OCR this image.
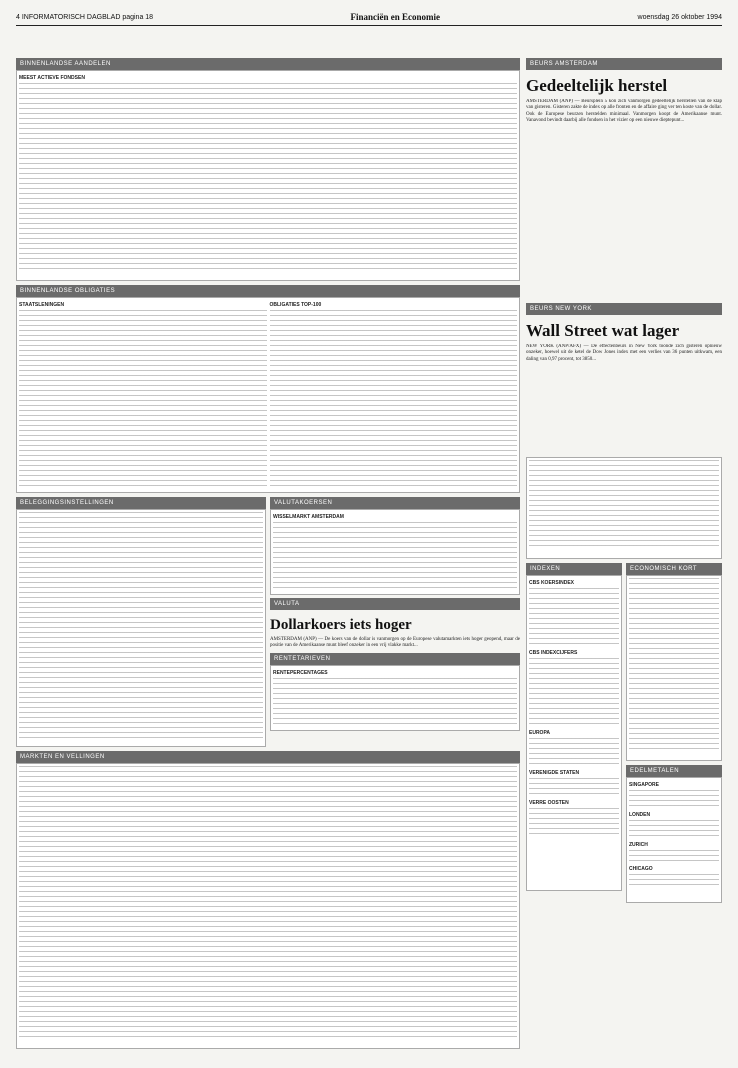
4 INFORMATORISCH DAGBLAD pagina 18	Financiën en Economie	woensdag 26 oktober 1994
BINNENLANDSE AANDELEN
MEEST ACTIEVE FONDSEN
BINNENLANDSE OBLIGATIES
STAATSLENINGEN	OBLIGATIES TOP-100
BELEGGINGSINSTELLINGEN	VALUTAKOERSEN
WISSELMARKT AMSTERDAM
VALUTA
Dollarkoers iets hoger
AMSTERDAM (ANP) — De koers van de dollar is vanmorgen op de Europese valutamarkten iets hoger geopend, maar de positie van de Amerikaanse munt bleef onzeker in een vrij vlakke markt...
RENTETARIEVEN
RENTEPERCENTAGES
MARKTEN EN VELLINGEN
BEURS AMSTERDAM
Gedeeltelijk herstel
AMSTERDAM (ANP) — Beursplein 5 kon zich vanmorgen gedeeltelijk herstellen van de klap van gisteren. Gisteren zakte de index op alle fronten en de affaire ging ver ten koste van de dollar. Ook de Europese beurzen herstelden minimaal. Vanmorgen koopt de Amerikaanse munt. Vanavond bevindt daarbij alle fondsen in het vizier op een nieuwe dieptepunt...
BEURS NEW YORK
Wall Street wat lager
NEW YORK (ANP/AFX) — De effectenbeurs in New York toonde zich gisteren opnieuw onzeker, hoewel uit de ketel de Dow Jones index met een verlies van 36 punten uitkwam, een daling van 0,97 procent, tot 3850...
INDEXEN
CBS KOERSINDEX
CBS INDEXCIJFERS
EUROPA
VERENIGDE STATEN
VERRE OOSTEN
ECONOMISCH KORT
EDELMETALEN
SINGAPORE
LONDEN
ZURICH
CHICAGO
